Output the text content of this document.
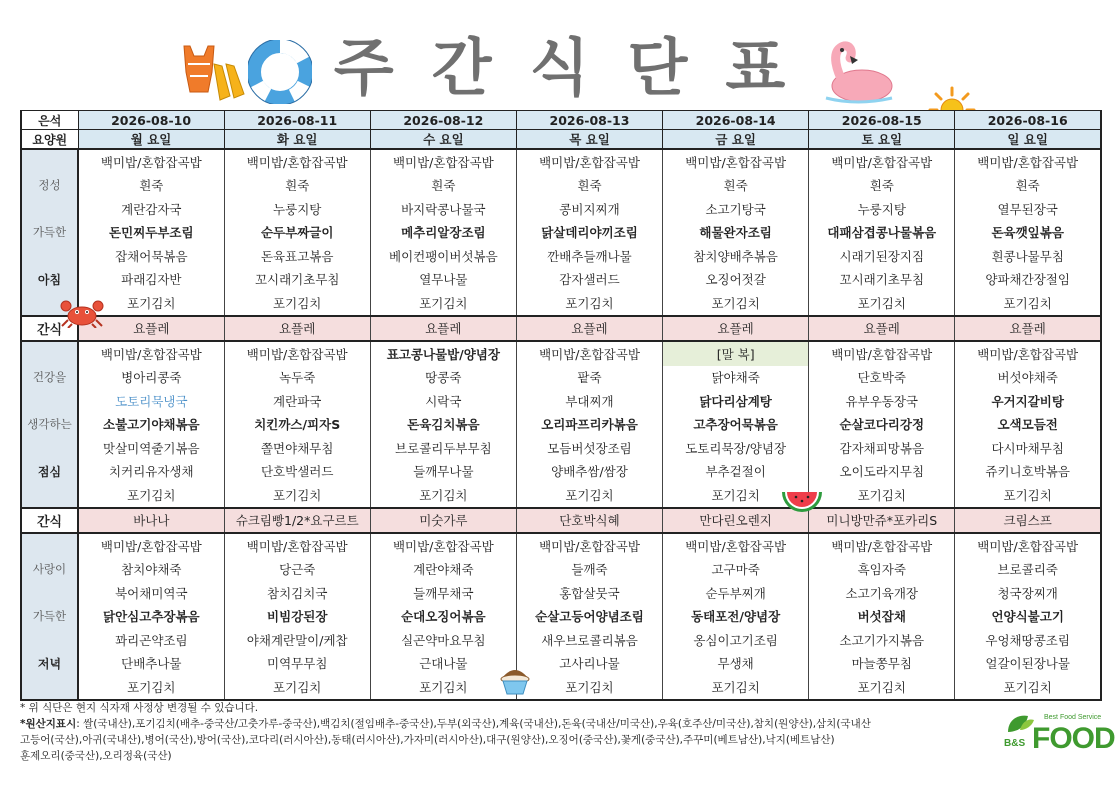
주간식단표
은석	2026-08-10	2026-08-11	2026-08-12	2026-08-13	2026-08-14	2026-08-15	2026-08-16
요양원	월 요일	화 요일	수 요일	목 요일	금 요일	토 요일	일 요일
	백미밥/혼합잡곡밥	백미밥/혼합잡곡밥	백미밥/혼합잡곡밥	백미밥/혼합잡곡밥	백미밥/혼합잡곡밥	백미밥/혼합잡곡밥	백미밥/혼합잡곡밥
정성	흰죽	흰죽	흰죽	흰죽	흰죽	흰죽	흰죽
	계란감자국	누룽지탕	바지락콩나물국	콩비지찌개	소고기탕국	누룽지탕	열무된장국
가득한	돈민찌두부조림	순두부짜글이	메추리알장조림	닭살데리야끼조림	해물완자조림	대패삼겹콩나물볶음	돈육깻잎볶음
	잡채어묵볶음	돈육표고볶음	베이컨팽이버섯볶음	깐배추들깨나물	참치양배추볶음	시래기된장지짐	흰콩나물무침
아침	파래김자반	꼬시래기초무침	열무나물	감자샐러드	오징어젓갈	꼬시래기초무침	양파채간장절임
	포기김치	포기김치	포기김치	포기김치	포기김치	포기김치	포기김치
간식	요플레	요플레	요플레	요플레	요플레	요플레	요플레
	백미밥/혼합잡곡밥	백미밥/혼합잡곡밥	표고콩나물밥/양념장	백미밥/혼합잡곡밥	[말 복]	백미밥/혼합잡곡밥	백미밥/혼합잡곡밥
건강을	병아리콩죽	녹두죽	땅콩죽	팥죽	닭야채죽	단호박죽	버섯야채죽
	도토리묵냉국	계란파국	시락국	부대찌개	닭다리삼계탕	유부우동장국	우거지갈비탕
생각하는	소불고기야채볶음	치킨까스/피자S	돈육김치볶음	오리파프리카볶음	고추장어묵볶음	순살코다리강정	오색모듬전
	맛살미역줄기볶음	쫄면야채무침	브로콜리두부무침	모듬버섯장조림	도토리묵장/양념장	감자채피망볶음	다시마채무침
점심	치커리유자생채	단호박샐러드	들깨무나물	양배추쌈/쌈장	부추겉절이	오이도라지무침	쥬키니호박볶음
	포기김치	포기김치	포기김치	포기김치	포기김치	포기김치	포기김치
간식	바나나	슈크림빵1/2*요구르트	미숫가루	단호박식혜	만다린오렌지	미니방만쥬*포카리S	크림스프
	백미밥/혼합잡곡밥	백미밥/혼합잡곡밥	백미밥/혼합잡곡밥	백미밥/혼합잡곡밥	백미밥/혼합잡곡밥	백미밥/혼합잡곡밥	백미밥/혼합잡곡밥
사랑이	참치야채죽	당근죽	계란야채죽	들깨죽	고구마죽	흑임자죽	브로콜리죽
	북어채미역국	참치김치국	들깨무채국	홍합살뭇국	순두부찌개	소고기육개장	청국장찌개
가득한	닭안심고추장볶음	비빔강된장	순대오징어볶음	순살고등어양념조림	동태포전/양념장	버섯잡채	언양식불고기
	꽈리곤약조림	야채계란말이/케찹	실곤약마요무침	새우브로콜리볶음	옹심이고기조림	소고기가지볶음	우엉채땅콩조림
저녁	단배추나물	미역무무침	근대나물	고사리나물	무생채	마늘쫑무침	얼갈이된장나물
	포기김치	포기김치	포기김치	포기김치	포기김치	포기김치	포기김치
* 위 식단은 현지 식자재 사정상 변경될 수 있습니다.
*원산지표시: 쌀(국내산),포기김치(배추-중국산/고춧가루-중국산),백김치(절임배추-중국산),두부(외국산),계육(국내산),돈육(국내산/미국산),우육(호주산/미국산),참치(원양산),삼치(국내산
고등어(국산),아귀(국내산),병어(국산),방어(국산),코다리(러시아산),동태(러시아산),가자미(러시아산),대구(원양산),오징어(중국산),꽃게(중국산),주꾸미(베트남산),낙지(베트남산)
훈제오리(중국산),오리정육(국산)
Best Food Service
B&S FOOD
